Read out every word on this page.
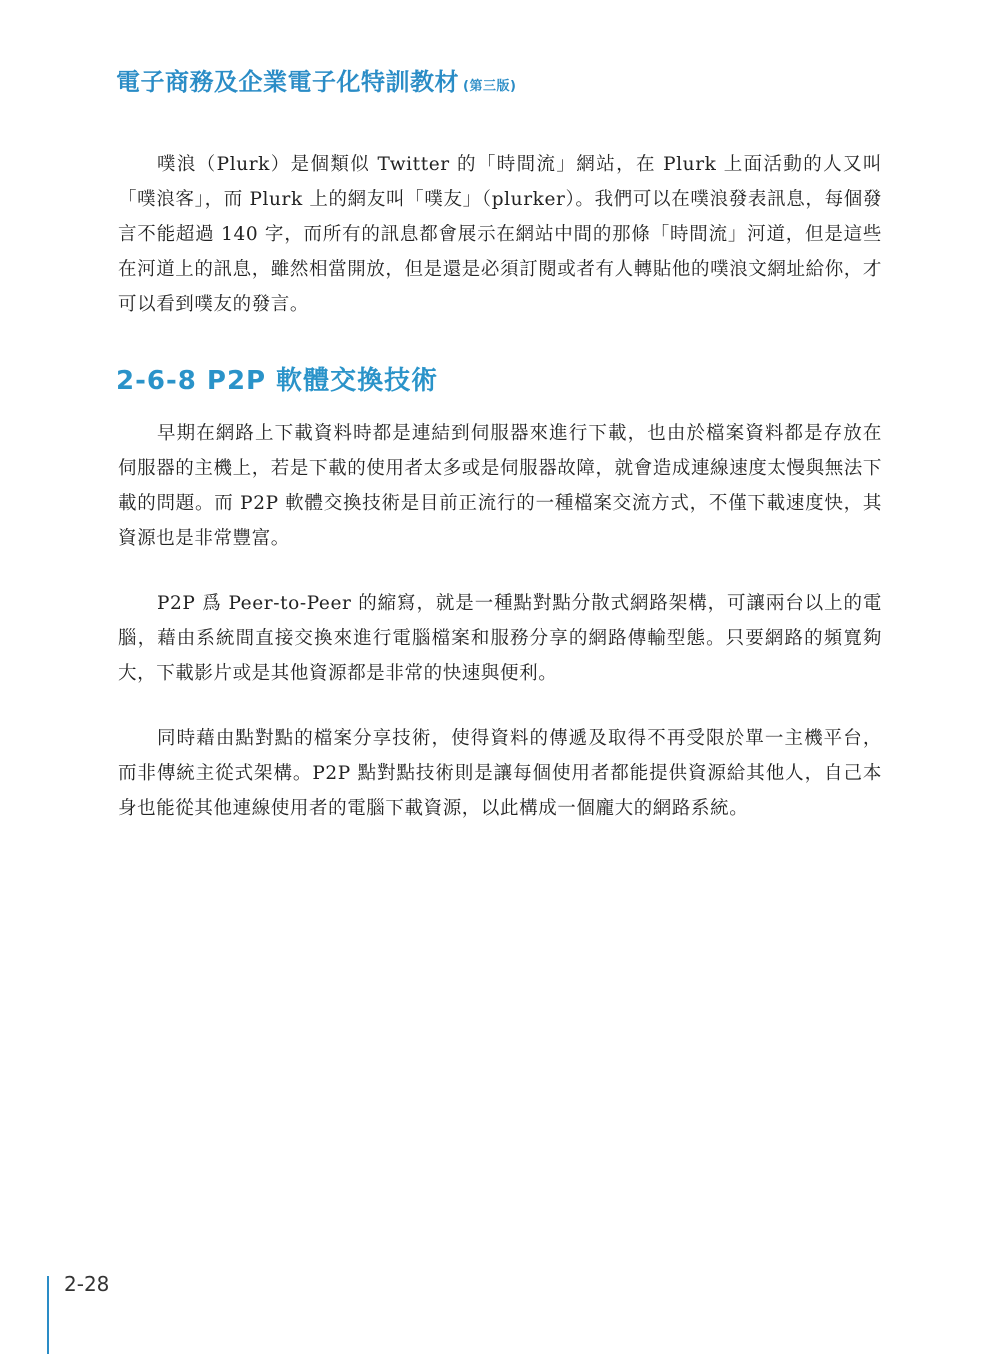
電子商務及企業電子化特訓教材 (第三版)

噗浪（Plurk）是個類似 Twitter 的「時間流」網站，在 Plurk 上面活動的人又叫「噗浪客」，而 Plurk 上的網友叫「噗友」（plurker）。我們可以在噗浪發表訊息，每個發言不能超過 140 字，而所有的訊息都會展示在網站中間的那條「時間流」河道，但是這些在河道上的訊息，雖然相當開放，但是還是必須訂閱或者有人轉貼他的噗浪文網址給你，才可以看到噗友的發言。

2-6-8 P2P 軟體交換技術

早期在網路上下載資料時都是連結到伺服器來進行下載，也由於檔案資料都是存放在伺服器的主機上，若是下載的使用者太多或是伺服器故障，就會造成連線速度太慢與無法下載的問題。而 P2P 軟體交換技術是目前正流行的一種檔案交流方式，不僅下載速度快，其資源也是非常豐富。

P2P 爲 Peer-to-Peer 的縮寫，就是一種點對點分散式網路架構，可讓兩台以上的電腦，藉由系統間直接交換來進行電腦檔案和服務分享的網路傳輸型態。只要網路的頻寬夠大，下載影片或是其他資源都是非常的快速與便利。

同時藉由點對點的檔案分享技術，使得資料的傳遞及取得不再受限於單一主機平台，而非傳統主從式架構。P2P 點對點技術則是讓每個使用者都能提供資源給其他人，自己本身也能從其他連線使用者的電腦下載資源，以此構成一個龐大的網路系統。

2-28
